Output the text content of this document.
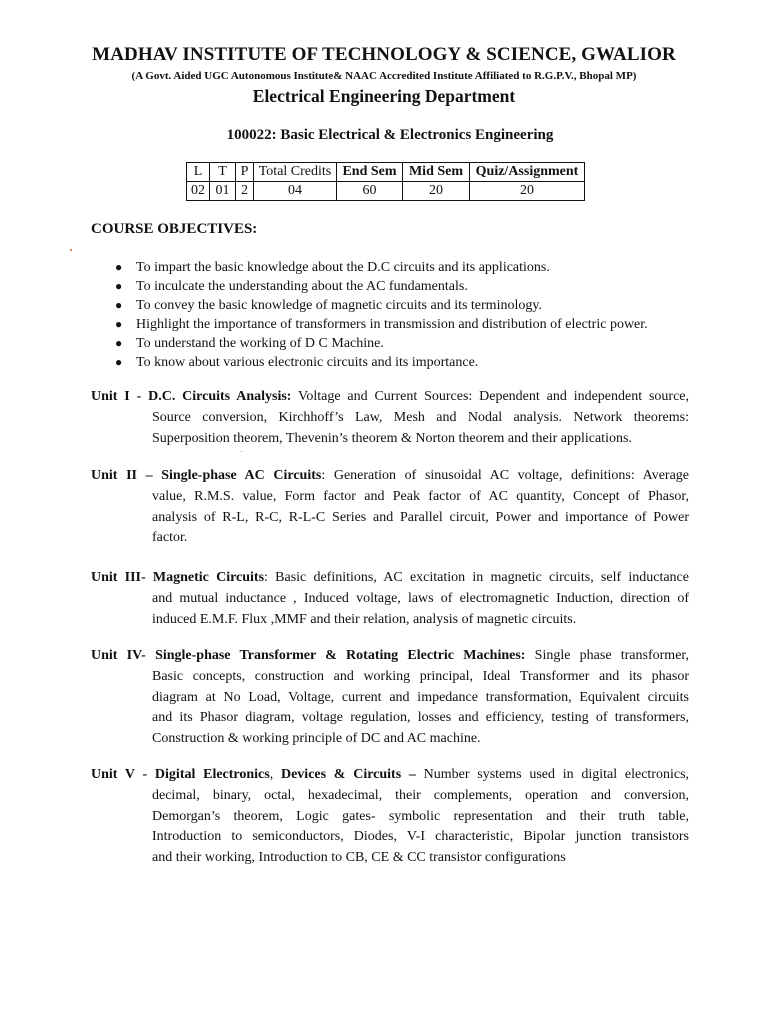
MADHAV INSTITUTE OF TECHNOLOGY & SCIENCE, GWALIOR
(A Govt. Aided UGC Autonomous Institute& NAAC Accredited Institute Affiliated to R.G.P.V., Bhopal MP)
Electrical Engineering Department
100022: Basic Electrical & Electronics Engineering
L	T	P	Total Credits	End Sem	Mid Sem	Quiz/Assignment
02	01	2	04	60	20	20
COURSE OBJECTIVES:
● To impart the basic knowledge about the D.C circuits and its applications.
● To inculcate the understanding about the AC fundamentals.
● To convey the basic knowledge of magnetic circuits and its terminology.
● Highlight the importance of transformers in transmission and distribution of electric power.
● To understand the working of D C Machine.
● To know about various electronic circuits and its importance.
Unit I - D.C. Circuits Analysis: Voltage and Current Sources: Dependent and independent source,
Source conversion, Kirchhoff’s Law, Mesh and Nodal analysis. Network theorems:
Superposition theorem, Thevenin’s theorem & Norton theorem and their applications.
Unit II – Single-phase AC Circuits: Generation of sinusoidal AC voltage, definitions: Average
value, R.M.S. value, Form factor and Peak factor of AC quantity, Concept of Phasor,
analysis of R-L, R-C, R-L-C Series and Parallel circuit, Power and importance of Power
factor.
Unit III- Magnetic Circuits: Basic definitions, AC excitation in magnetic circuits, self inductance
and mutual inductance , Induced voltage, laws of electromagnetic Induction, direction of
induced E.M.F. Flux ,MMF and their relation, analysis of magnetic circuits.
Unit IV- Single-phase Transformer & Rotating Electric Machines: Single phase transformer,
Basic concepts, construction and working principal, Ideal Transformer and its phasor
diagram at No Load, Voltage, current and impedance transformation, Equivalent circuits
and its Phasor diagram, voltage regulation, losses and efficiency, testing of transformers,
Construction & working principle of DC and AC machine.
Unit V - Digital Electronics, Devices & Circuits – Number systems used in digital electronics,
decimal, binary, octal, hexadecimal, their complements, operation and conversion,
Demorgan’s theorem, Logic gates- symbolic representation and their truth table,
Introduction to semiconductors, Diodes, V-I characteristic, Bipolar junction transistors
and their working, Introduction to CB, CE & CC transistor configurations
